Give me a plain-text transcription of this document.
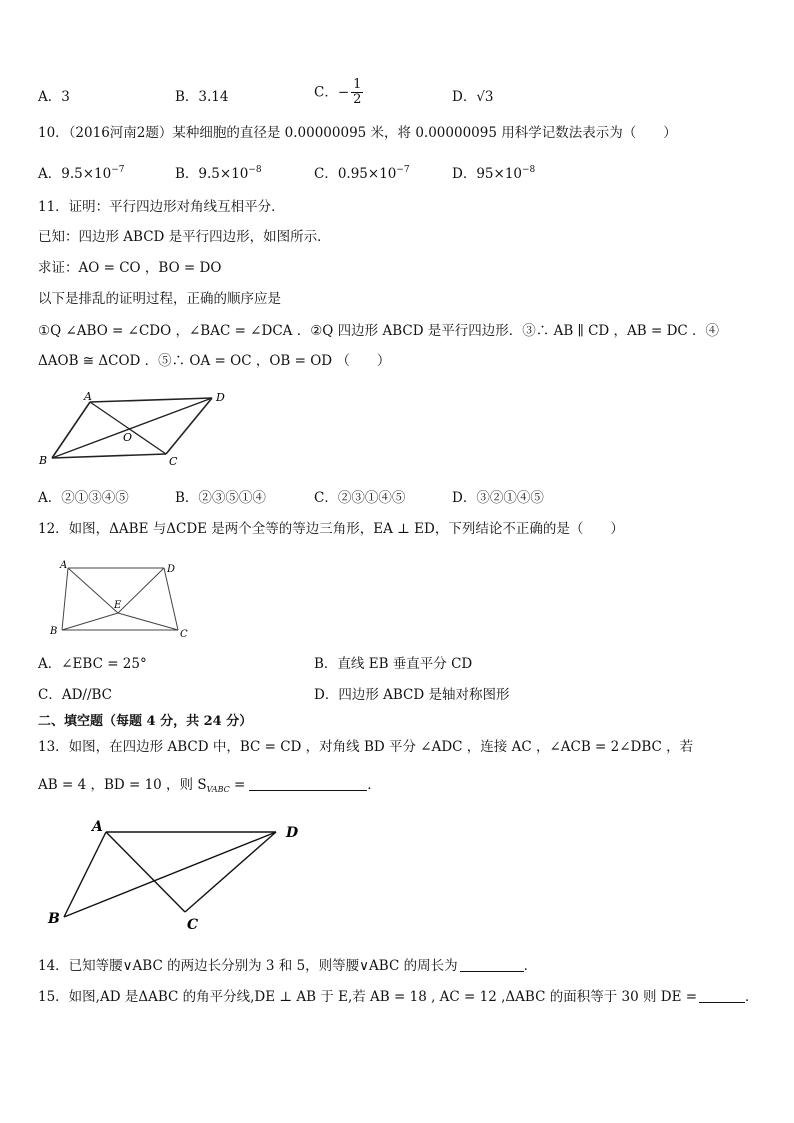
A．3	B．3.14	C．− $\frac{1}{2}$	D．√3
10．（2016河南2题）某种细胞的直径是 0.00000095 米，将 0.00000095 用科学记数法表示为（　　）
A．$9.5\times 10^{-7}$	B．$9.5\times 10^{-8}$	C．$0.95\times 10^{-7}$	D．$95\times 10^{-8}$
11．证明：平行四边形对角线互相平分．
已知：四边形 ABCD 是平行四边形，如图所示．
求证：AO = CO ，BO = DO
以下是排乱的证明过程，正确的顺序应是
①Q ∠ABO = ∠CDO ，∠BAC = ∠DCA ．②Q 四边形 ABCD 是平行四边形．③∴ AB ∥ CD ，AB = DC ．④
ΔAOB ≅ ΔCOD ．⑤∴ OA = OC ，OB = OD （　　）
A	D
B	C
O
A．②①③④⑤	B．②③⑤①④	C．②③①④⑤	D．③②①④⑤
12．如图，ΔABE 与ΔCDE 是两个全等的等边三角形，EA ⊥ ED，下列结论不正确的是（　　）
A	D
B	C
E
A．∠EBC = 25°	B．直线 EB 垂直平分 CD
C．AD//BC	D．四边形 ABCD 是轴对称图形
二、填空题（每题 4 分，共 24 分）
13．如图，在四边形 ABCD 中，BC = CD ，对角线 BD 平分 ∠ADC ，连接 AC ，∠ACB = 2∠DBC ，若
AB = 4 ，BD = 10 ，则 $S_{VABC}$ =	．
A	D
B	C
14．已知等腰∨ABC 的两边长分别为 3 和 5，则等腰∨ABC 的周长为	．
15．如图,AD 是ΔABC 的角平分线,DE ⊥ AB 于 E,若 AB = 18 , AC = 12 ,ΔABC 的面积等于 30 则 DE =	．
